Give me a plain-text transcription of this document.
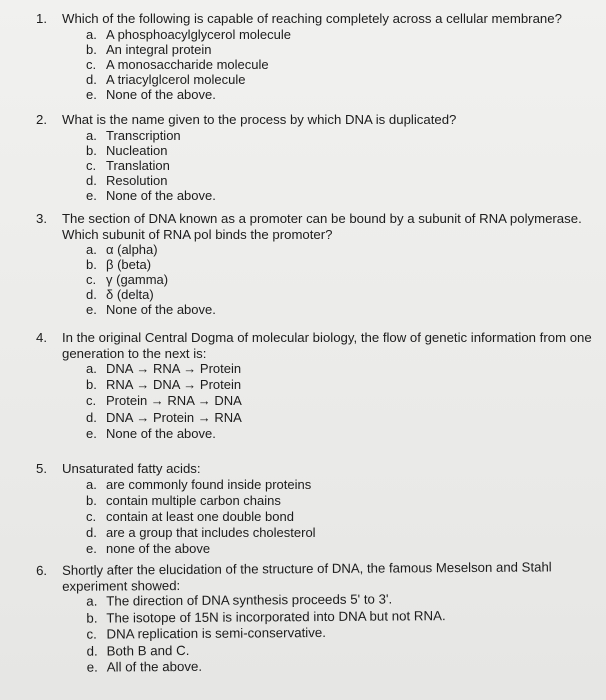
1.	Which of the following is capable of reaching completely across a cellular membrane?
a. A phosphoacylglycerol molecule
b. An integral protein
c. A monosaccharide molecule
d. A triacylglcerol molecule
e. None of the above.
2.	What is the name given to the process by which DNA is duplicated?
a. Transcription
b. Nucleation
c. Translation
d. Resolution
e. None of the above.
3.	The section of DNA known as a promoter can be bound by a subunit of RNA polymerase. Which subunit of RNA pol binds the promoter?
a. α (alpha)
b. β (beta)
c. γ (gamma)
d. δ (delta)
e. None of the above.
4.	In the original Central Dogma of molecular biology, the flow of genetic information from one generation to the next is:
a. DNA → RNA → Protein
b. RNA → DNA → Protein
c. Protein → RNA → DNA
d. DNA → Protein → RNA
e. None of the above.
5.	Unsaturated fatty acids:
a. are commonly found inside proteins
b. contain multiple carbon chains
c. contain at least one double bond
d. are a group that includes cholesterol
e. none of the above
6.	Shortly after the elucidation of the structure of DNA, the famous Meselson and Stahl experiment showed:
a. The direction of DNA synthesis proceeds 5' to 3'.
b. The isotope of 15N is incorporated into DNA but not RNA.
c. DNA replication is semi-conservative.
d. Both B and C.
e. All of the above.
